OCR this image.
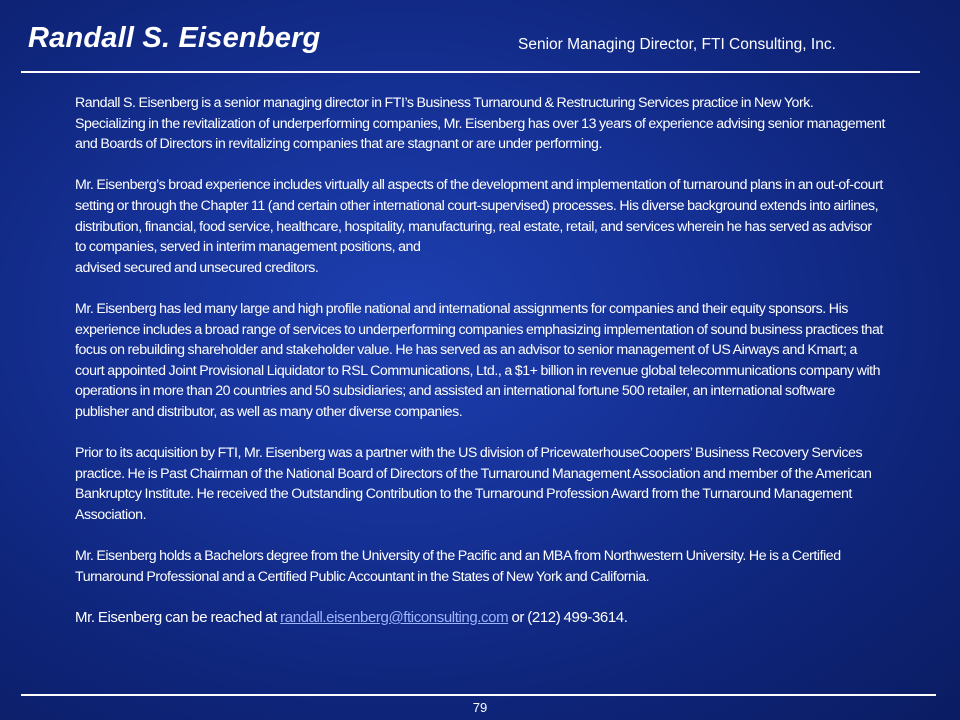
Randall S. Eisenberg	Senior Managing Director, FTI Consulting, Inc.

Randall S. Eisenberg is a senior managing director in FTI’s Business Turnaround & Restructuring Services practice in New York. Specializing in the revitalization of underperforming companies, Mr. Eisenberg has over 13 years of experience advising senior management and Boards of Directors in revitalizing companies that are stagnant or are under performing.

Mr. Eisenberg’s broad experience includes virtually all aspects of the development and implementation of turnaround plans in an out-of-court setting or through the Chapter 11 (and certain other international court-supervised) processes. His diverse background extends into airlines, distribution, financial, food service, healthcare, hospitality, manufacturing, real estate, retail, and services wherein he has served as advisor to companies, served in interim management positions, and
advised secured and unsecured creditors.

Mr. Eisenberg has led many large and high profile national and international assignments for companies and their equity sponsors. His experience includes a broad range of services to underperforming companies emphasizing implementation of sound business practices that focus on rebuilding shareholder and stakeholder value. He has served as an advisor to senior management of US Airways and Kmart; a court appointed Joint Provisional Liquidator to RSL Communications, Ltd., a $1+ billion in revenue global telecommunications company with operations in more than 20 countries and 50 subsidiaries; and assisted an international fortune 500 retailer, an international software publisher and distributor, as well as many other diverse companies.

Prior to its acquisition by FTI, Mr. Eisenberg was a partner with the US division of PricewaterhouseCoopers’ Business Recovery Services practice. He is Past Chairman of the National Board of Directors of the Turnaround Management Association and member of the American Bankruptcy Institute. He received the Outstanding Contribution to the Turnaround Profession Award from the Turnaround Management Association.

Mr. Eisenberg holds a Bachelors degree from the University of the Pacific and an MBA from Northwestern University. He is a Certified Turnaround Professional and a Certified Public Accountant in the States of New York and California.

Mr. Eisenberg can be reached at randall.eisenberg@fticonsulting.com or (212) 499-3614.

79
